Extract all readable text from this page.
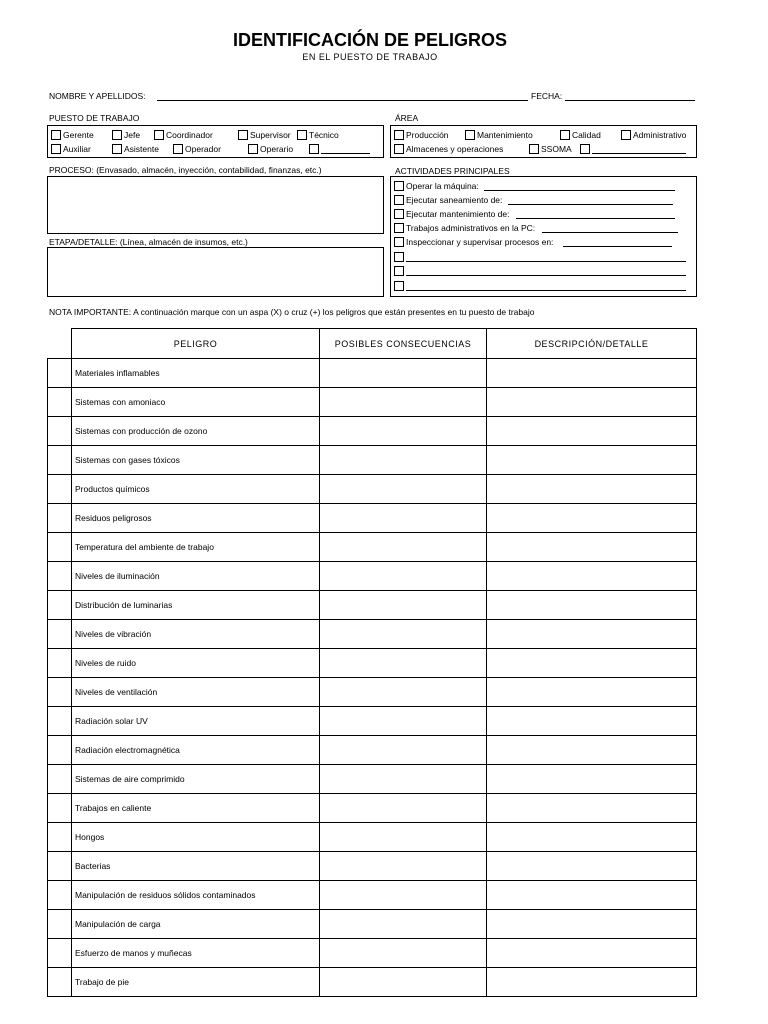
IDENTIFICACIÓN DE PELIGROS
EN EL PUESTO DE TRABAJO
NOMBRE Y APELLIDOS:	FECHA:
PUESTO DE TRABAJO
Gerente	Jefe	Coordinador	Supervisor Técnico
Auxiliar	Asistente	Operador	Operario
ÁREA
Producción	Mantenimiento	Calidad	Administrativo
Almacenes y operaciones	SSOMA
PROCESO: (Envasado, almacén, inyección, contabilidad, finanzas, etc.)
ETAPA/DETALLE: (Línea, almacén de insumos, etc.)
ACTIVIDADES PRINCIPALES
Operar la máquina:
Ejecutar saneamiento de:
Ejecutar mantenimiento de:
Trabajos administrativos en la PC:
Inspeccionar y supervisar procesos en:
NOTA IMPORTANTE: A continuación marque con un aspa (X) o cruz (+) los peligros que están presentes en tu puesto de trabajo
	PELIGRO	POSIBLES CONSECUENCIAS	DESCRIPCIÓN/DETALLE
	Materiales inflamables		
	Sistemas con amoniaco		
	Sistemas con producción de ozono		
	Sistemas con gases tóxicos		
	Productos químicos		
	Residuos peligrosos		
	Temperatura del ambiente de trabajo		
	Niveles de iluminación		
	Distribución de luminarias		
	Niveles de vibración		
	Niveles de ruido		
	Niveles de ventilación		
	Radiación solar UV		
	Radiación electromagnética		
	Sistemas de aire comprimido		
	Trabajos en caliente		
	Hongos		
	Bacterias		
	Manipulación de residuos sólidos contaminados		
	Manipulación de carga		
	Esfuerzo de manos y muñecas		
	Trabajo de pie		
